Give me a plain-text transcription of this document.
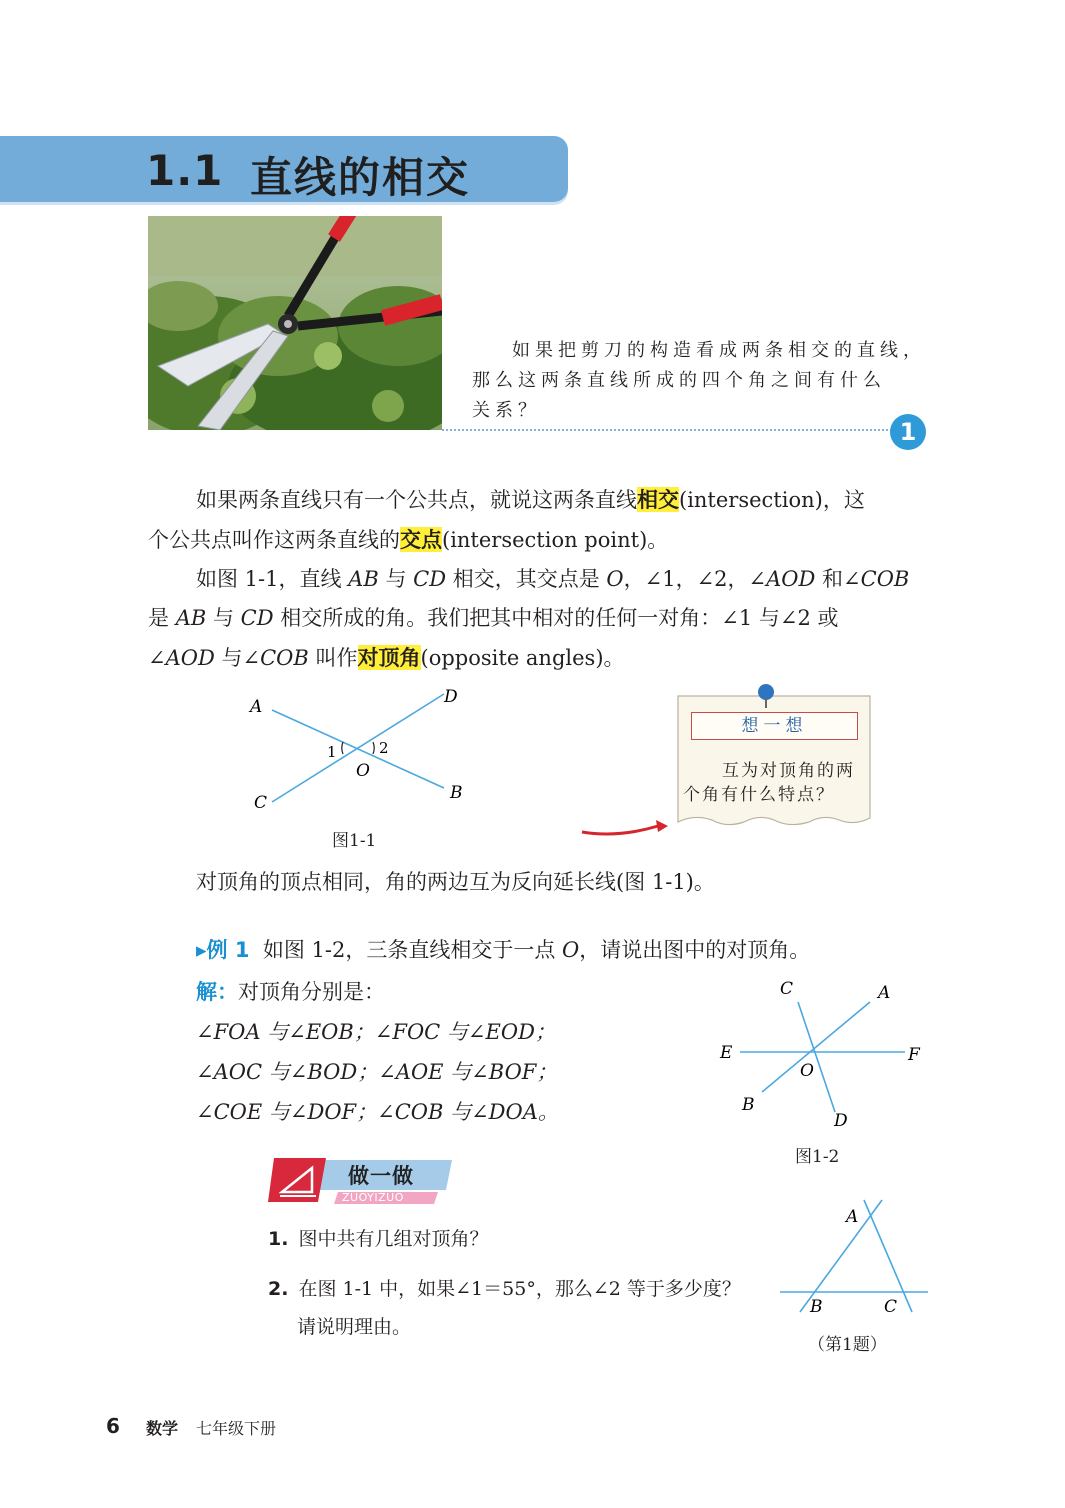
1.1 直线的相交
如果把剪刀的构造看成两条相交的直线，
那么这两条直线所成的四个角之间有什么
关系？
1

如果两条直线只有一个公共点，就说这两条直线相交(intersection)，这

个公共点叫作这两条直线的交点(intersection point)。

如图 1-1，直线 AB 与 CD 相交，其交点是 O，∠1，∠2，∠AOD 和∠COB

是 AB 与 CD 相交所成的角。我们把其中相对的任何一对角：∠1 与∠2 或

∠AOD 与∠COB 叫作对顶角(opposite angles)。

A	D
C	B
O
1	2
图1-1
想一想
互为对顶角的两
个角有什么特点？
对顶角的顶点相同，角的两边互为反向延长线(图 1-1)。
▸例 1 如图 1-2，三条直线相交于一点 O，请说出图中的对顶角。
解：对顶角分别是：
∠FOA 与∠EOB；∠FOC 与∠EOD；
∠AOC 与∠BOD；∠AOE 与∠BOF；
∠COE 与∠DOF；∠COB 与∠DOA。
C	A
E	F
O
B
D
图1-2
做一做
ZUOYIZUO
1. 图中共有几组对顶角？
2. 在图 1-1 中，如果∠1＝55°，那么∠2 等于多少度？
请说明理由。
A
B	C
（第1题）
6 数学 七年级下册
